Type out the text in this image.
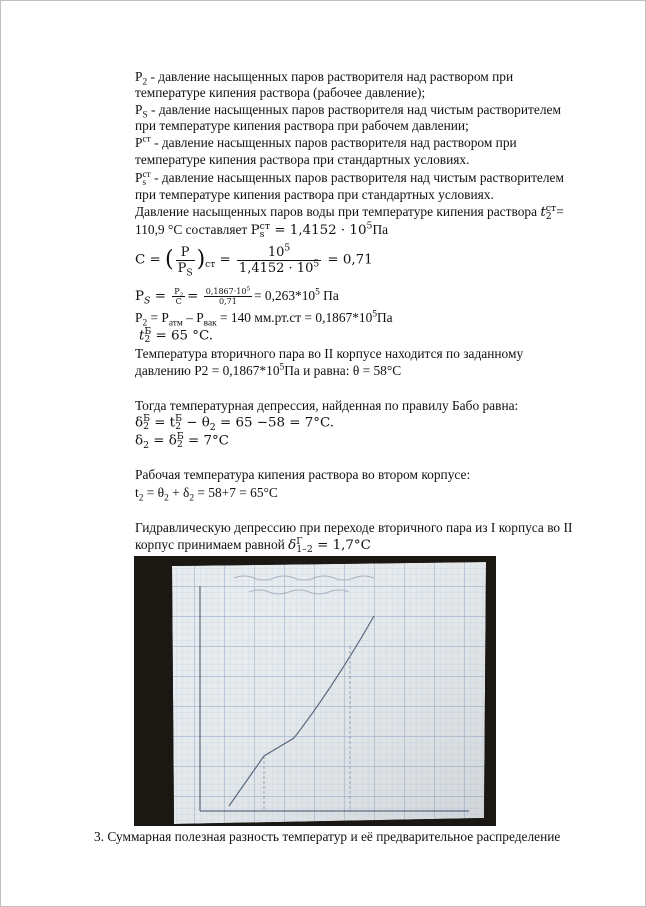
$P_2$ - давление насыщенных паров растворителя над раствором при
температуре кипения раствора (рабочее давление);
$P_S$ - давление насыщенных паров растворителя над чистым растворителем
при температуре кипения раствора при рабочем давлении;
$P^{ст}$ - давление насыщенных паров растворителя над раствором при
температуре кипения раствора при стандартных условиях.
Pст
s - давление насыщенных паров растворителя над чистым растворителем
при температуре кипения раствора при стандартных условиях.
Давление насыщенных паров воды при температуре кипения раствора tст
2 =
110,9 °С составляет Pст
$s = 1,4152 \cdot 10^5Па$
C = ( $\frac{P}{P_S} )_{ст} = \frac{10^5}{1,4152 \cdot 10^5} = 0,71$
$P_S = \frac{P_2}{C} = \frac{0,1867\cdot 10^5}{0,71} = 0,263*10^5$ Па
$P_2 = P_{атм} - P_{вак} = 140$ $мм.рт.ст = 0,1867*10^5Па$
tБ
2 = 65 °C.
Температура вторичного пара во II корпусе находится по заданному
давлению $P2 = 0,1867*10^5Па$ и равна: θ = 58°С
Тогда температурная депрессия, найденная по правилу Бабо равна:
δБ
2 = tБ
$2 - \theta_2 = 65 -58 = 7^\circ C$.
$\delta_2 = \delta Б$
2 = 7°C
Рабочая температура кипения раствора во втором корпусе:
$t_2 = \theta_2 + \delta_2 = 58+7 = 65^\circ C$
Гидравлическую депрессию при переходе вторичного пара из I корпуса во II
корпус принимаем равной δГ
1–2 = 1,7°C
3. Суммарная полезная разность температур и её предварительное распределение
